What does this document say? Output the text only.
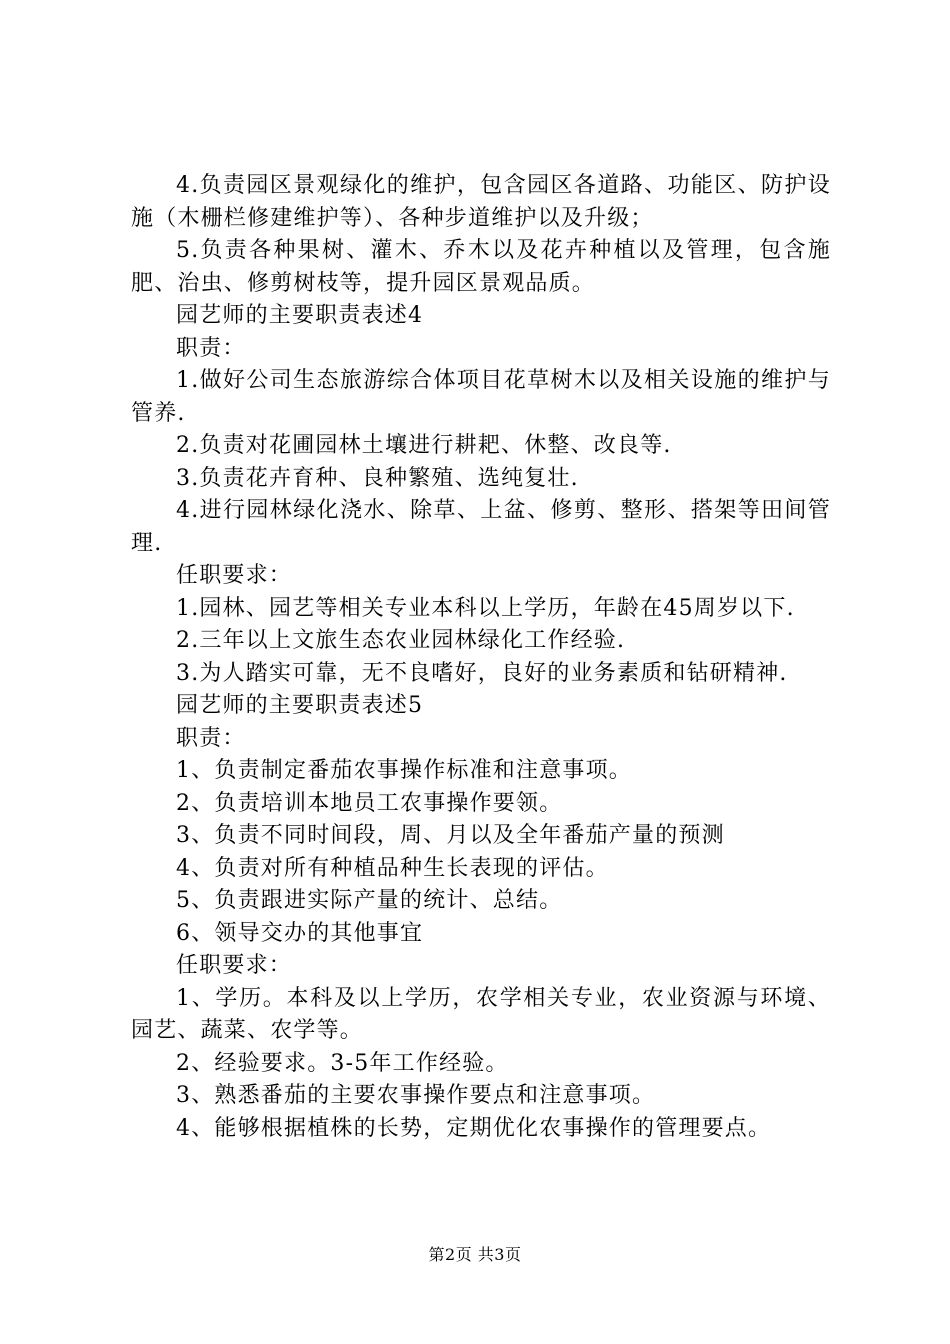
4.负责园区景观绿化的维护，包含园区各道路、功能区、防护设施（木栅栏修建维护等）、各种步道维护以及升级；

5.负责各种果树、灌木、乔木以及花卉种植以及管理，包含施肥、治虫、修剪树枝等，提升园区景观品质。

园艺师的主要职责表述4

职责：

1.做好公司生态旅游综合体项目花草树木以及相关设施的维护与管养.

2.负责对花圃园林土壤进行耕耙、休整、改良等.

3.负责花卉育种、良种繁殖、选纯复壮.

4.进行园林绿化浇水、除草、上盆、修剪、整形、搭架等田间管理.

任职要求：

1.园林、园艺等相关专业本科以上学历，年龄在45周岁以下.

2.三年以上文旅生态农业园林绿化工作经验.

3.为人踏实可靠，无不良嗜好，良好的业务素质和钻研精神.

园艺师的主要职责表述5

职责：

1、负责制定番茄农事操作标准和注意事项。

2、负责培训本地员工农事操作要领。

3、负责不同时间段，周、月以及全年番茄产量的预测

4、负责对所有种植品种生长表现的评估。

5、负责跟进实际产量的统计、总结。

6、领导交办的其他事宜

任职要求：

1、学历。本科及以上学历，农学相关专业，农业资源与环境、园艺、蔬菜、农学等。

2、经验要求。3-5年工作经验。

3、熟悉番茄的主要农事操作要点和注意事项。

4、能够根据植株的长势，定期优化农事操作的管理要点。

第2页 共3页
